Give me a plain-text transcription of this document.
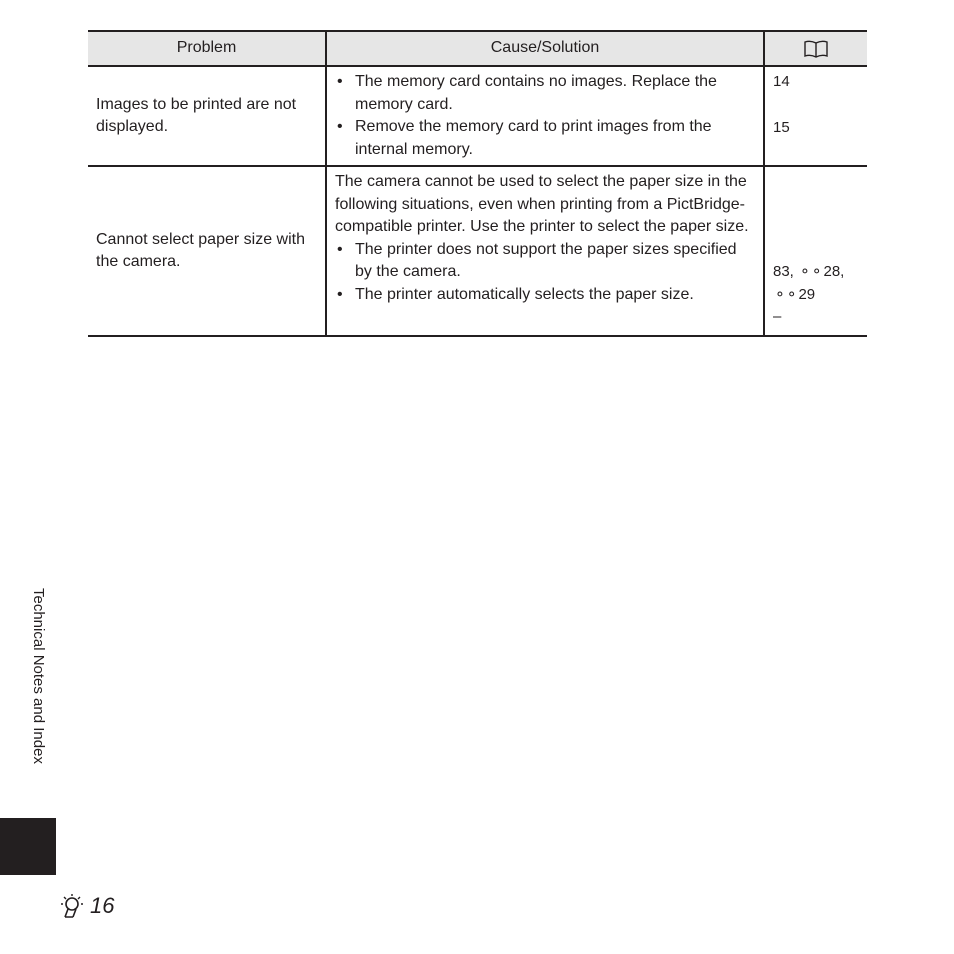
Problem	Cause/Solution
Images to be printed are not displayed.
• The memory card contains no images. Replace the memory card.
• Remove the memory card to print images from the internal memory.
14
15
Cannot select paper size with the camera.
The camera cannot be used to select the paper size in the following situations, even when printing from a PictBridge-compatible printer. Use the printer to select the paper size.
• The printer does not support the paper sizes specified by the camera.
• The printer automatically selects the paper size.
83, ⚬⚬28,
⚬⚬29
–
Technical Notes and Index
16
